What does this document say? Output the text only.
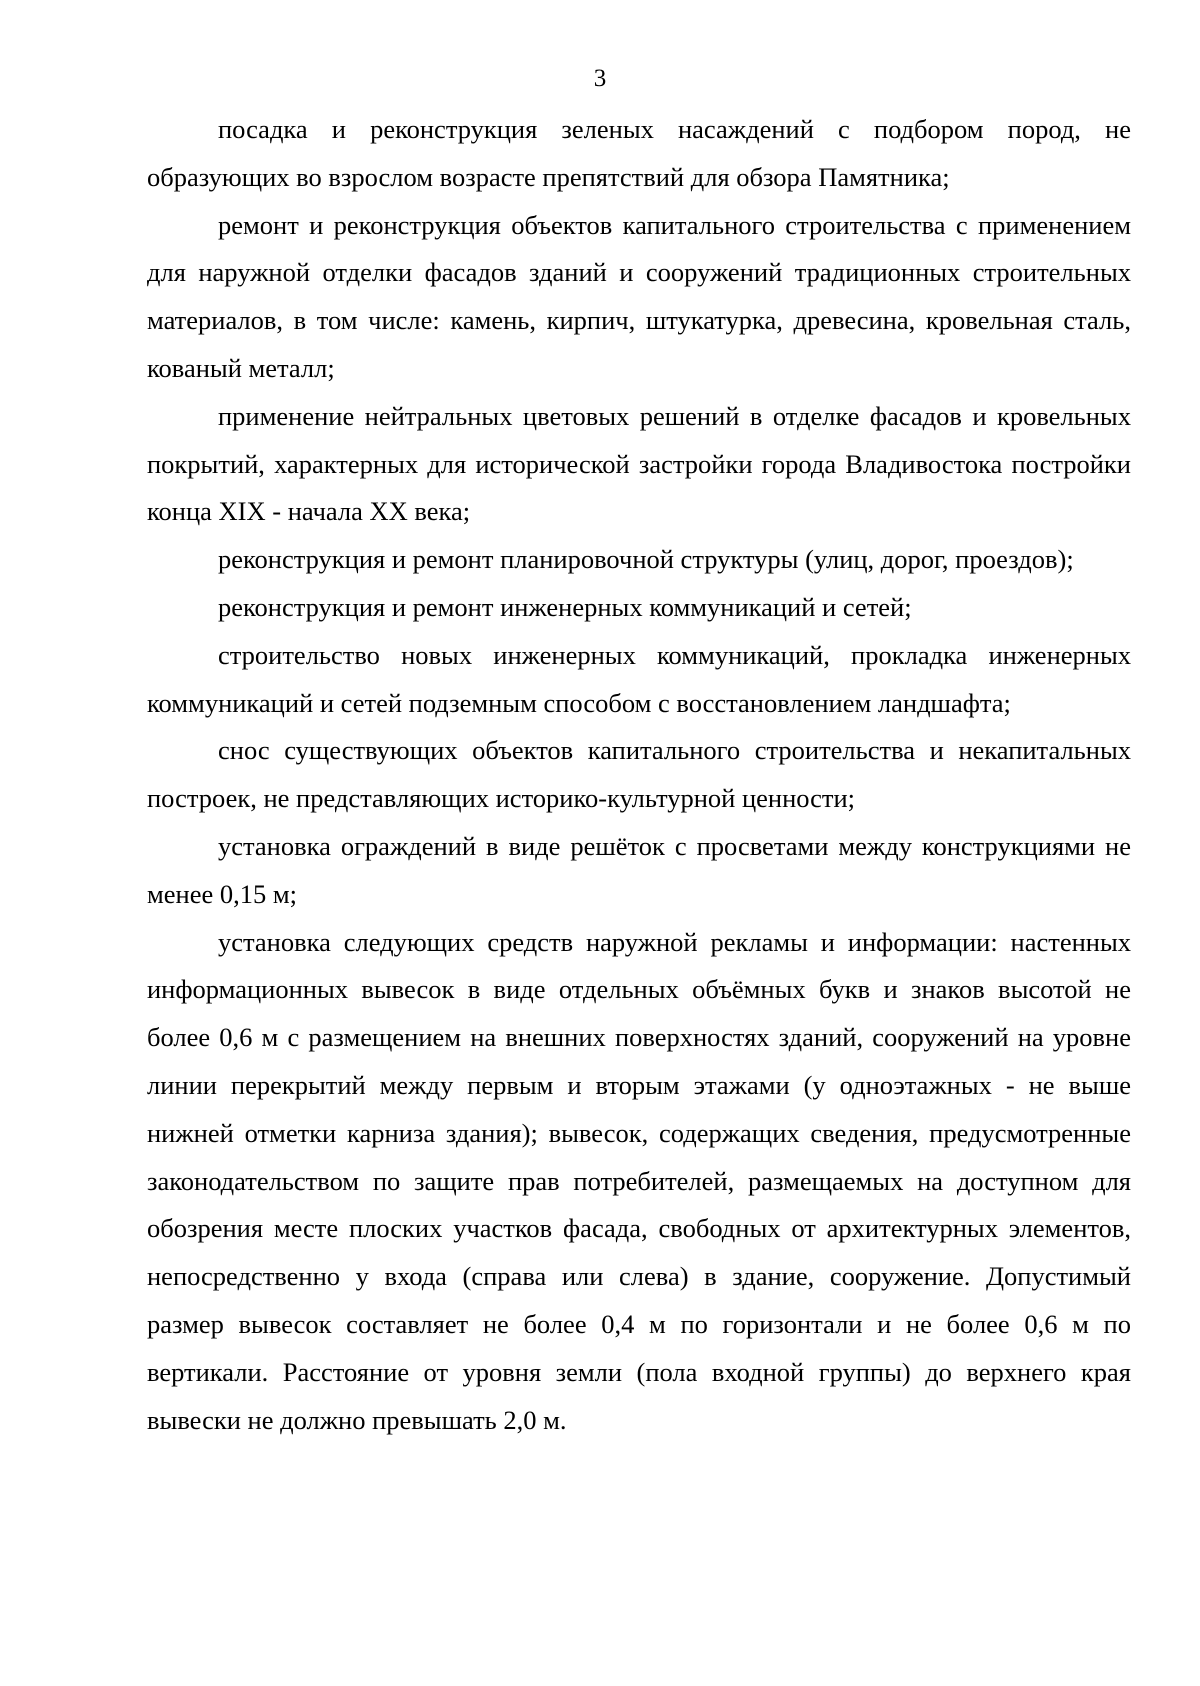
3

посадка и реконструкция зеленых насаждений с подбором пород, не образующих во взрослом возрасте препятствий для обзора Памятника;

ремонт и реконструкция объектов капитального строительства с применением для наружной отделки фасадов зданий и сооружений традиционных строительных материалов, в том числе: камень, кирпич, штукатурка, древесина, кровельная сталь, кованый металл;

применение нейтральных цветовых решений в отделке фасадов и кровельных покрытий, характерных для исторической застройки города Владивостока постройки конца XIX - начала XX века;

реконструкция и ремонт планировочной структуры (улиц, дорог, проездов);

реконструкция и ремонт инженерных коммуникаций и сетей;

строительство новых инженерных коммуникаций, прокладка инженерных коммуникаций и сетей подземным способом с восстановлением ландшафта;

снос существующих объектов капитального строительства и некапитальных построек, не представляющих историко-культурной ценности;

установка ограждений в виде решёток с просветами между конструкциями не менее 0,15 м;

установка следующих средств наружной рекламы и информации: настенных информационных вывесок в виде отдельных объёмных букв и знаков высотой не более 0,6 м с размещением на внешних поверхностях зданий, сооружений на уровне линии перекрытий между первым и вторым этажами (у одноэтажных - не выше нижней отметки карниза здания); вывесок, содержащих сведения, предусмотренные законодательством по защите прав потребителей, размещаемых на доступном для обозрения месте плоских участков фасада, свободных от архитектурных элементов, непосредственно у входа (справа или слева) в здание, сооружение. Допустимый размер вывесок составляет не более 0,4 м по горизонтали и не более 0,6 м по вертикали. Расстояние от уровня земли (пола входной группы) до верхнего края вывески не должно превышать 2,0 м.
